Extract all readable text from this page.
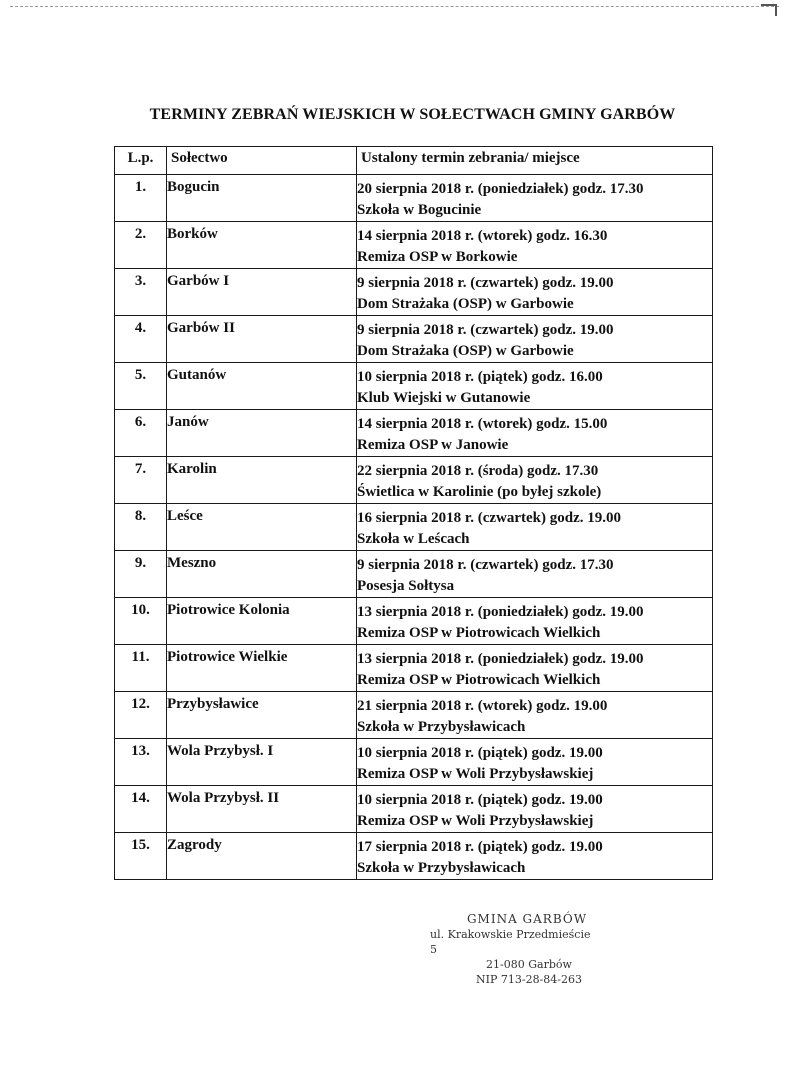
TERMINY ZEBRAŃ WIEJSKICH W SOŁECTWACH GMINY GARBÓW
L.p.	Sołectwo	Ustalony termin zebrania/ miejsce
1.	Bogucin	20 sierpnia 2018 r. (poniedziałek) godz. 17.30
Szkoła w Bogucinie

2.	Borków	14 sierpnia 2018 r. (wtorek) godz. 16.30
Remiza OSP w Borkowie

3.	Garbów I	9 sierpnia 2018 r. (czwartek) godz. 19.00
Dom Strażaka (OSP) w Garbowie

4.	Garbów II	9 sierpnia 2018 r. (czwartek) godz. 19.00
Dom Strażaka (OSP) w Garbowie

5.	Gutanów	10 sierpnia 2018 r. (piątek) godz. 16.00
Klub Wiejski w Gutanowie

6.	Janów	14 sierpnia 2018 r. (wtorek) godz. 15.00
Remiza OSP w Janowie

7.	Karolin	22 sierpnia 2018 r. (środa) godz. 17.30
Świetlica w Karolinie (po byłej szkole)

8.	Leśce	16 sierpnia 2018 r. (czwartek) godz. 19.00
Szkoła w Leścach

9.	Meszno	9 sierpnia 2018 r. (czwartek) godz. 17.30
Posesja Sołtysa

10.	Piotrowice Kolonia	13 sierpnia 2018 r. (poniedziałek) godz. 19.00
Remiza OSP w Piotrowicach Wielkich

11.	Piotrowice Wielkie	13 sierpnia 2018 r. (poniedziałek) godz. 19.00
Remiza OSP w Piotrowicach Wielkich

12.	Przybysławice	21 sierpnia 2018 r. (wtorek) godz. 19.00
Szkoła w Przybysławicach

13.	Wola Przybysł. I	10 sierpnia 2018 r. (piątek) godz. 19.00
Remiza OSP w Woli Przybysławskiej

14.	Wola Przybysł. II	10 sierpnia 2018 r. (piątek) godz. 19.00
Remiza OSP w Woli Przybysławskiej

15.	Zagrody	17 sierpnia 2018 r. (piątek) godz. 19.00
Szkoła w Przybysławicach
GMINA GARBÓW
ul. Krakowskie Przedmieście 5
21-080 Garbów
NIP 713-28-84-263
